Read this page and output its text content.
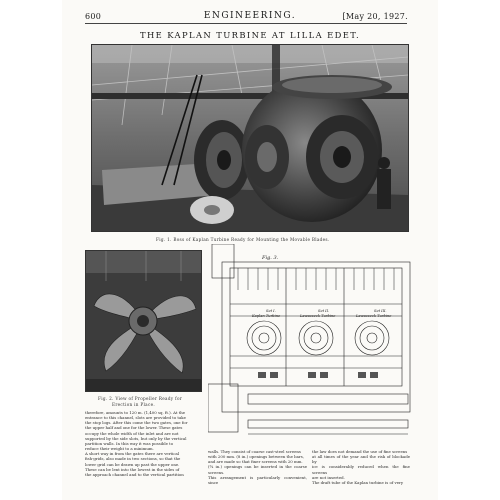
600	ENGINEERING.	[May 20, 1927.
THE KAPLAN TURBINE AT LILLA EDET.
Fig. 1. Boss of Kaplan Turbine Ready for Mounting the Movable Blades.
Fig. 2. View of Propeller Ready for
Erection in Place.
Fig. 3.
Set I.
Kaplan Turbine
Set II.
Lawaczeck Turbine
Set III.
Lawaczeck Turbine

therefore, amounts to 120 m. (1,400 sq. ft.). At the

entrance to this channel, slots are provided to take

the stop logs. After this come the two gates, one for

the upper half and one for the lower. These gates

occupy the whole width of the inlet and are not

supported by the side slots, but only by the vertical

partition walls. In this way it was possible to

reduce their weight to a minimum.

A short way in from the gates there are vertical

fish-grids, also made in two sections, so that the

lower grid can be drawn up past the upper one.

These can be lent into the lowest in the sides of

the approach channel and to the vertical partition

walls. They consist of coarse cast-steel screens

with 200 mm. (8 in.) openings between the bars,

and are made so that finer screens with 20 mm.

(¾ in.) openings can be inserted in the coarse screens.

This arrangement is particularly convenient, since

the law does not demand the use of fine screens

at all times of the year and the risk of blockade by

ice is considerably reduced when the fine screens

are not inserted.

The draft tube of the Kaplan turbine is of very
